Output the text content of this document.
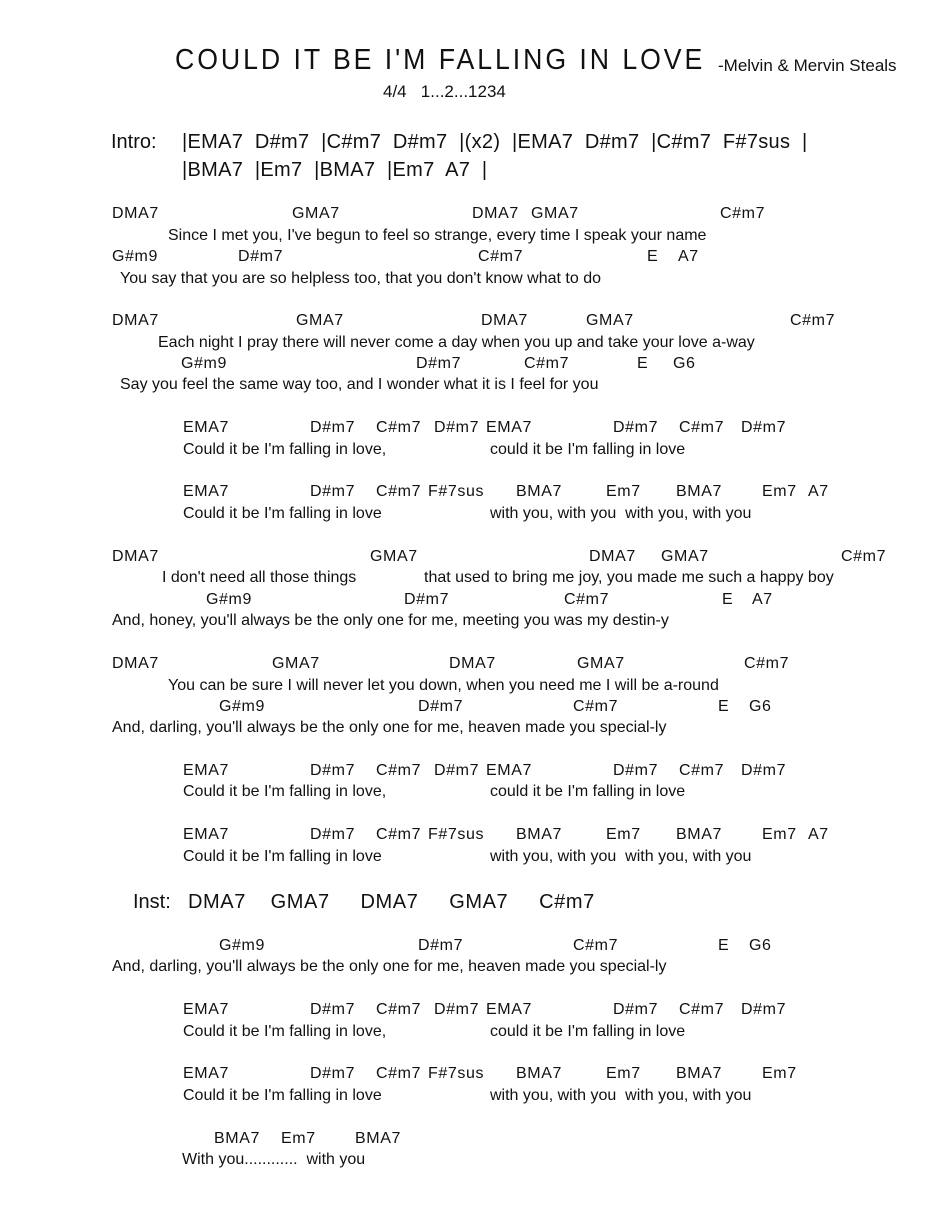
COULD IT BE I'M FALLING IN LOVE -Melvin & Mervin Steals
4/4   1...2...1234
Intro: |EMA7  D#m7  |C#m7  D#m7  |(x2)  |EMA7  D#m7  |C#m7  F#7sus  |
|BMA7  |Em7  |BMA7  |Em7  A7  |
Inst: DMA7    GMA7     DMA7     GMA7     C#m7
DMA7	GMA7	DMA7 GMA7	C#m7
Since I met you, I've begun to feel so strange, every time I speak your name
G#m9	D#m7	C#m7	E A7
You say that you are so helpless too, that you don't know what to do
DMA7	GMA7	DMA7	GMA7	C#m7
Each night I pray there will never come a day when you up and take your love a-way
G#m9	D#m7	C#m7	E G6
Say you feel the same way too, and I wonder what it is I feel for you
EMA7	D#m7 C#m7 D#m7 EMA7	D#m7 C#m7 D#m7
Could it be I'm falling in love,	could it be I'm falling in love
EMA7	D#m7 C#m7 F#7sus BMA7	Em7 BMA7	Em7 A7
Could it be I'm falling in love	with you, with you  with you, with you
DMA7	GMA7	DMA7 GMA7	C#m7
I don't need all those things	that used to bring me joy, you made me such a happy boy
G#m9	D#m7	C#m7	E A7
And, honey, you'll always be the only one for me, meeting you was my destin-y
DMA7	GMA7	DMA7	GMA7	C#m7
You can be sure I will never let you down, when you need me I will be a-round
G#m9	D#m7	C#m7	E G6
And, darling, you'll always be the only one for me, heaven made you special-ly
EMA7	D#m7 C#m7 D#m7 EMA7	D#m7 C#m7 D#m7
Could it be I'm falling in love,	could it be I'm falling in love
EMA7	D#m7 C#m7 F#7sus BMA7	Em7 BMA7	Em7 A7
Could it be I'm falling in love	with you, with you  with you, with you
G#m9	D#m7	C#m7	E G6
And, darling, you'll always be the only one for me, heaven made you special-ly
EMA7	D#m7 C#m7 D#m7 EMA7	D#m7 C#m7 D#m7
Could it be I'm falling in love,	could it be I'm falling in love
EMA7	D#m7 C#m7 F#7sus BMA7	Em7 BMA7	Em7
Could it be I'm falling in love	with you, with you  with you, with you
BMA7 Em7 BMA7
With you............  with you
